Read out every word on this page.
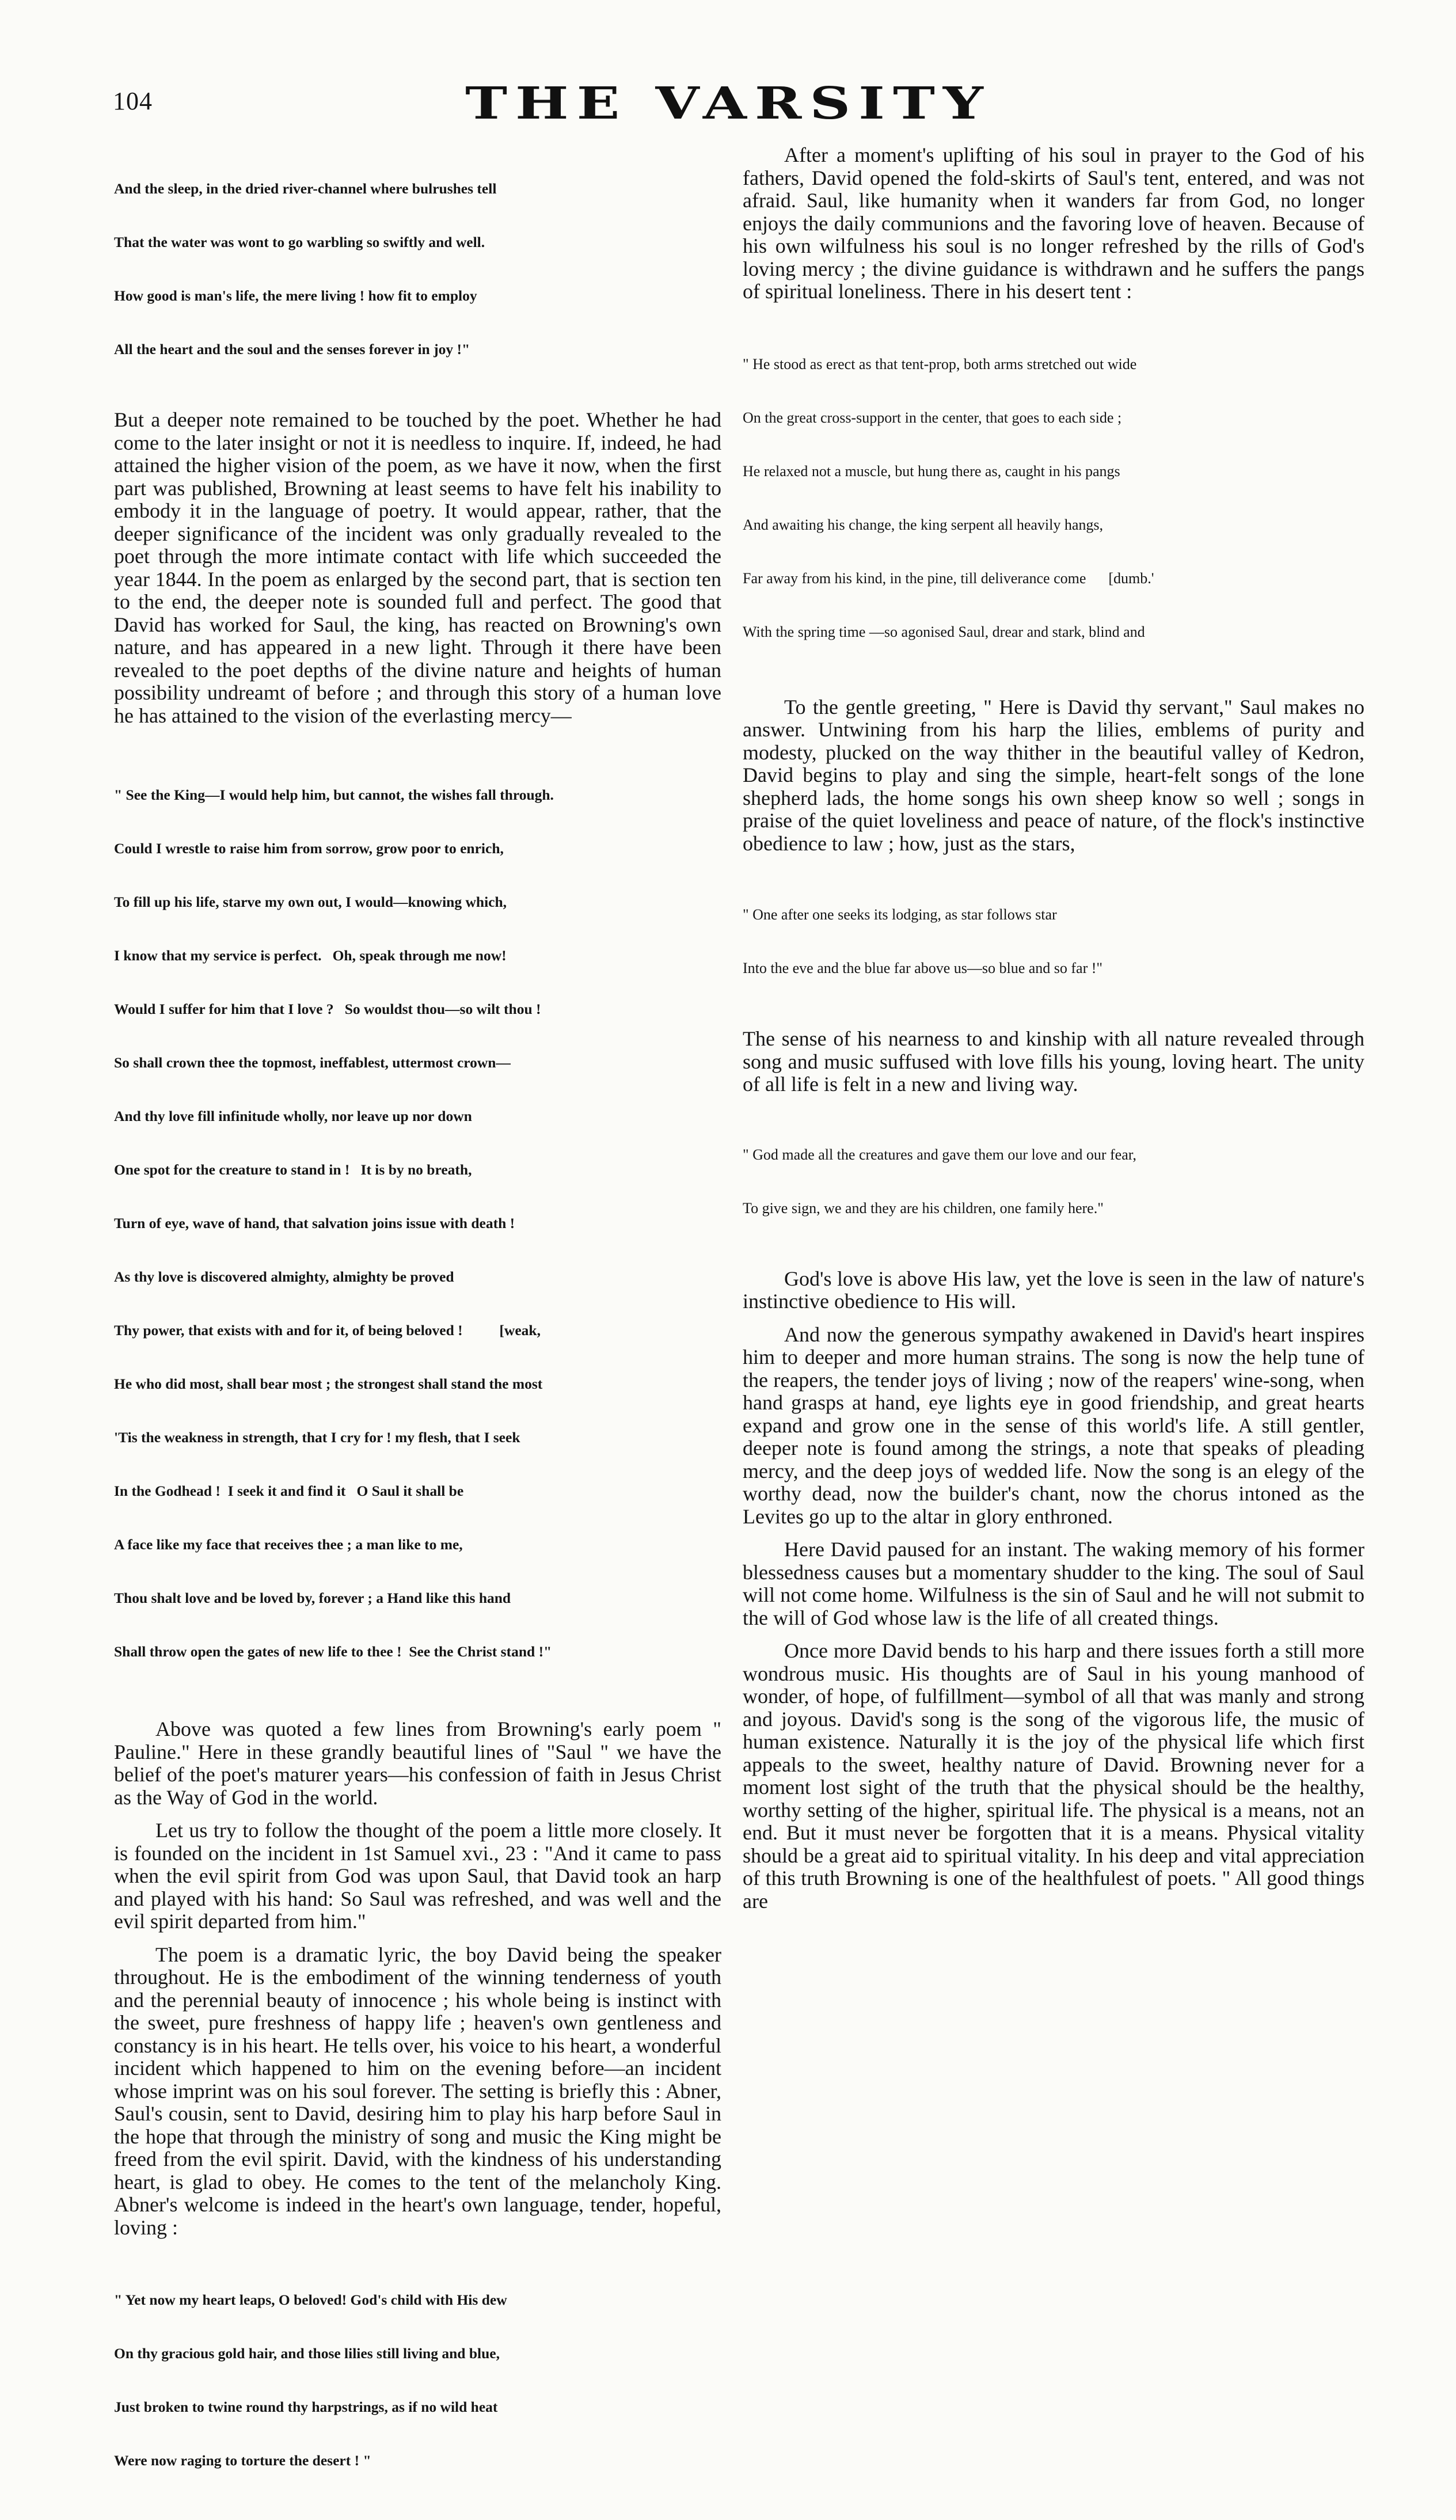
104	THE VARSITY

And the sleep, in the dried river-channel where bulrushes tell

That the water was wont to go warbling so swiftly and well.

How good is man's life, the mere living ! how fit to employ

All the heart and the soul and the senses forever in joy !"

But a deeper note remained to be touched by the poet. Whether he had come to the later insight or not it is needless to inquire. If, indeed, he had attained the higher vision of the poem, as we have it now, when the first part was published, Browning at least seems to have felt his inability to embody it in the language of poetry. It would appear, rather, that the deeper significance of the incident was only gradually revealed to the poet through the more intimate contact with life which succeeded the year 1844. In the poem as enlarged by the second part, that is section ten to the end, the deeper note is sounded full and perfect. The good that David has worked for Saul, the king, has reacted on Browning's own nature, and has appeared in a new light. Through it there have been revealed to the poet depths of the divine nature and heights of human possibility undreamt of before ; and through this story of a human love he has attained to the vision of the everlasting mercy—

" See the King—I would help him, but cannot, the wishes fall through.

Could I wrestle to raise him from sorrow, grow poor to enrich,

To fill up his life, starve my own out, I would—knowing which,

I know that my service is perfect.   Oh, speak through me now!

Would I suffer for him that I love ?   So wouldst thou—so wilt thou !

So shall crown thee the topmost, ineffablest, uttermost crown—

And thy love fill infinitude wholly, nor leave up nor down

One spot for the creature to stand in !   It is by no breath,

Turn of eye, wave of hand, that salvation joins issue with death !

As thy love is discovered almighty, almighty be proved

Thy power, that exists with and for it, of being beloved !          [weak,

He who did most, shall bear most ; the strongest shall stand the most

'Tis the weakness in strength, that I cry for ! my flesh, that I seek

In the Godhead !  I seek it and find it   O Saul it shall be

A face like my face that receives thee ; a man like to me,

Thou shalt love and be loved by, forever ; a Hand like this hand

Shall throw open the gates of new life to thee !  See the Christ stand !"

Above was quoted a few lines from Browning's early poem " Pauline." Here in these grandly beautiful lines of "Saul " we have the belief of the poet's maturer years—his confession of faith in Jesus Christ as the Way of God in the world.

Let us try to follow the thought of the poem a little more closely. It is founded on the incident in 1st Samuel xvi., 23 : "And it came to pass when the evil spirit from God was upon Saul, that David took an harp and played with his hand: So Saul was refreshed, and was well and the evil spirit departed from him."

The poem is a dramatic lyric, the boy David being the speaker throughout. He is the embodiment of the winning tenderness of youth and the perennial beauty of innocence ; his whole being is instinct with the sweet, pure freshness of happy life ; heaven's own gentleness and constancy is in his heart. He tells over, his voice to his heart, a wonderful incident which happened to him on the evening before—an incident whose imprint was on his soul forever. The setting is briefly this : Abner, Saul's cousin, sent to David, desiring him to play his harp before Saul in the hope that through the ministry of song and music the King might be freed from the evil spirit. David, with the kindness of his understanding heart, is glad to obey. He comes to the tent of the melancholy King. Abner's welcome is indeed in the heart's own language, tender, hopeful, loving :

" Yet now my heart leaps, O beloved! God's child with His dew

On thy gracious gold hair, and those lilies still living and blue,

Just broken to twine round thy harpstrings, as if no wild heat

Were now raging to torture the desert ! "

After a moment's uplifting of his soul in prayer to the God of his fathers, David opened the fold-skirts of Saul's tent, entered, and was not afraid. Saul, like humanity when it wanders far from God, no longer enjoys the daily communions and the favoring love of heaven. Because of his own wilfulness his soul is no longer refreshed by the rills of God's loving mercy ; the divine guidance is withdrawn and he suffers the pangs of spiritual loneliness. There in his desert tent :

" He stood as erect as that tent-prop, both arms stretched out wide

On the great cross-support in the center, that goes to each side ;

He relaxed not a muscle, but hung there as, caught in his pangs

And awaiting his change, the king serpent all heavily hangs,

Far away from his kind, in the pine, till deliverance come      [dumb.'

With the spring time —so agonised Saul, drear and stark, blind and

To the gentle greeting, " Here is David thy servant," Saul makes no answer. Untwining from his harp the lilies, emblems of purity and modesty, plucked on the way thither in the beautiful valley of Kedron, David begins to play and sing the simple, heart-felt songs of the lone shepherd lads, the home songs his own sheep know so well ; songs in praise of the quiet loveliness and peace of nature, of the flock's instinctive obedience to law ; how, just as the stars,

" One after one seeks its lodging, as star follows star

Into the eve and the blue far above us—so blue and so far !"

The sense of his nearness to and kinship with all nature revealed through song and music suffused with love fills his young, loving heart. The unity of all life is felt in a new and living way.

" God made all the creatures and gave them our love and our fear,

To give sign, we and they are his children, one family here."

God's love is above His law, yet the love is seen in the law of nature's instinctive obedience to His will.

And now the generous sympathy awakened in David's heart inspires him to deeper and more human strains. The song is now the help tune of the reapers, the tender joys of living ; now of the reapers' wine-song, when hand grasps at hand, eye lights eye in good friendship, and great hearts expand and grow one in the sense of this world's life. A still gentler, deeper note is found among the strings, a note that speaks of pleading mercy, and the deep joys of wedded life. Now the song is an elegy of the worthy dead, now the builder's chant, now the chorus intoned as the Levites go up to the altar in glory enthroned.

Here David paused for an instant. The waking memory of his former blessedness causes but a momentary shudder to the king. The soul of Saul will not come home. Wilfulness is the sin of Saul and he will not submit to the will of God whose law is the life of all created things.

Once more David bends to his harp and there issues forth a still more wondrous music. His thoughts are of Saul in his young manhood of wonder, of hope, of fulfillment—symbol of all that was manly and strong and joyous. David's song is the song of the vigorous life, the music of human existence. Naturally it is the joy of the physical life which first appeals to the sweet, healthy nature of David. Browning never for a moment lost sight of the truth that the physical should be the healthy, worthy setting of the higher, spiritual life. The physical is a means, not an end. But it must never be forgotten that it is a means. Physical vitality should be a great aid to spiritual vitality. In his deep and vital appreciation of this truth Browning is one of the healthfulest of poets. " All good things are
